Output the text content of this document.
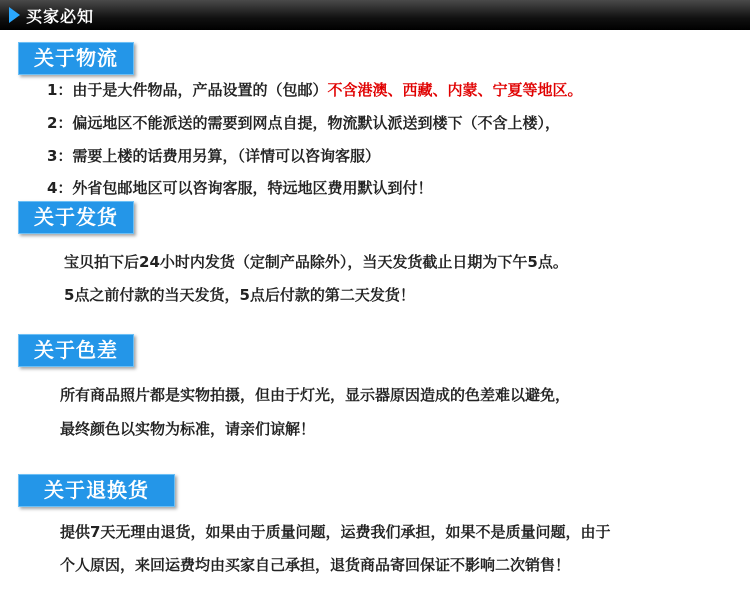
买家必知
关于物流
1：由于是大件物品，产品设置的（包邮）不含港澳、西藏、内蒙、宁夏等地区。
2：偏远地区不能派送的需要到网点自提，物流默认派送到楼下（不含上楼），
3：需要上楼的话费用另算，（详情可以咨询客服）
4：外省包邮地区可以咨询客服，特远地区费用默认到付！
关于发货
宝贝拍下后24小时内发货（定制产品除外），当天发货截止日期为下午5点。
5点之前付款的当天发货，5点后付款的第二天发货！
关于色差
所有商品照片都是实物拍摄，但由于灯光，显示器原因造成的色差难以避免，
最终颜色以实物为标准，请亲们谅解！
关于退换货
提供7天无理由退货，如果由于质量问题，运费我们承担，如果不是质量问题，由于
个人原因，来回运费均由买家自己承担，退货商品寄回保证不影响二次销售！
